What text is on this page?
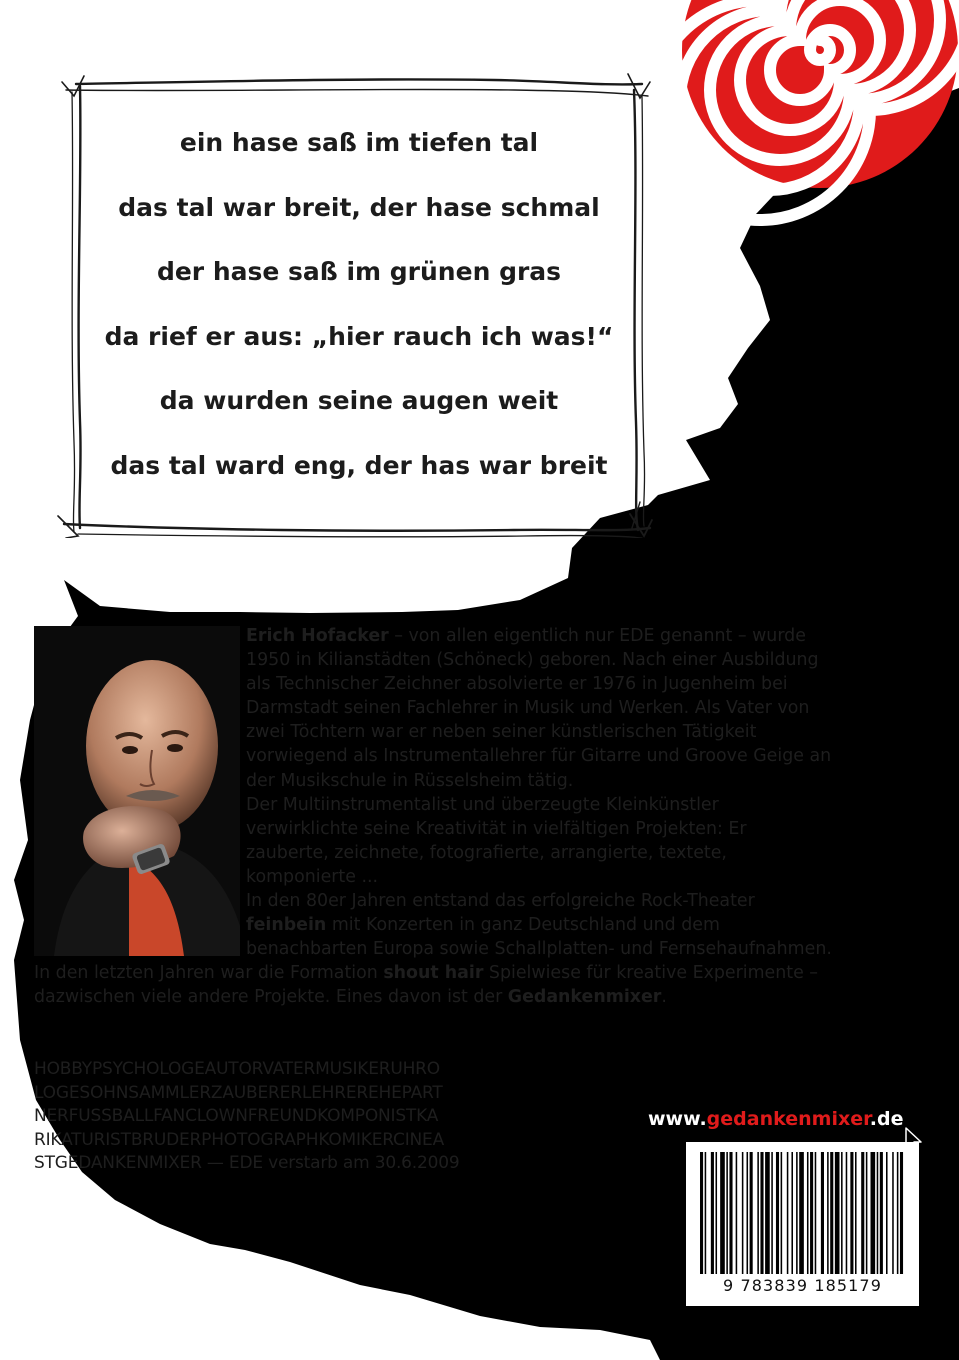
ein hase saß im tiefen tal
das tal war breit, der hase schmal
der hase saß im grünen gras
da rief er aus: „hier rauch ich was!“
da wurden seine augen weit
das tal ward eng, der has war breit

Erich Hofacker – von allen eigentlich nur EDE genannt – wurde 1950 in Kilianstädten (Schöneck) geboren. Nach einer Ausbildung als Technischer Zeichner absolvierte er 1976 in Jugenheim bei Darmstadt seinen Fachlehrer in Musik und Werken. Als Vater von zwei Töchtern war er neben seiner künstlerischen Tätigkeit vorwiegend als Instrumentallehrer für Gitarre und Groove Geige an der Musikschule in Rüsselsheim tätig.

Der Multiinstrumentalist und überzeugte Kleinkünstler verwirklichte seine Kreativität in vielfältigen Projekten: Er zauberte, zeichnete, fotografierte, arrangierte, textete, komponierte ...

In den 80er Jahren entstand das erfolgreiche Rock-Theater feinbein mit Konzerten in ganz Deutschland und dem benachbarten Europa sowie Schallplatten- und Fernsehaufnahmen. In den letzten Jahren war die Formation shout hair Spielwiese für kreative Experimente – dazwischen viele andere Projekte. Eines davon ist der Gedankenmixer.

HOBBYPSYCHOLOGEAUTORVATERMUSIKERUHRO
LOGESOHNSAMMLERZAUBERERLEHREREHEPART
NERFUSSBALLFANCLOWNFREUNDKOMPONISTKA
RIKATURISTBRUDERPHOTOGRAPHKOMIKERCINEA
STGEDANKENMIXER — EDE verstarb am 30.6.2009
www.gedankenmixer.de
9 783839 185179
